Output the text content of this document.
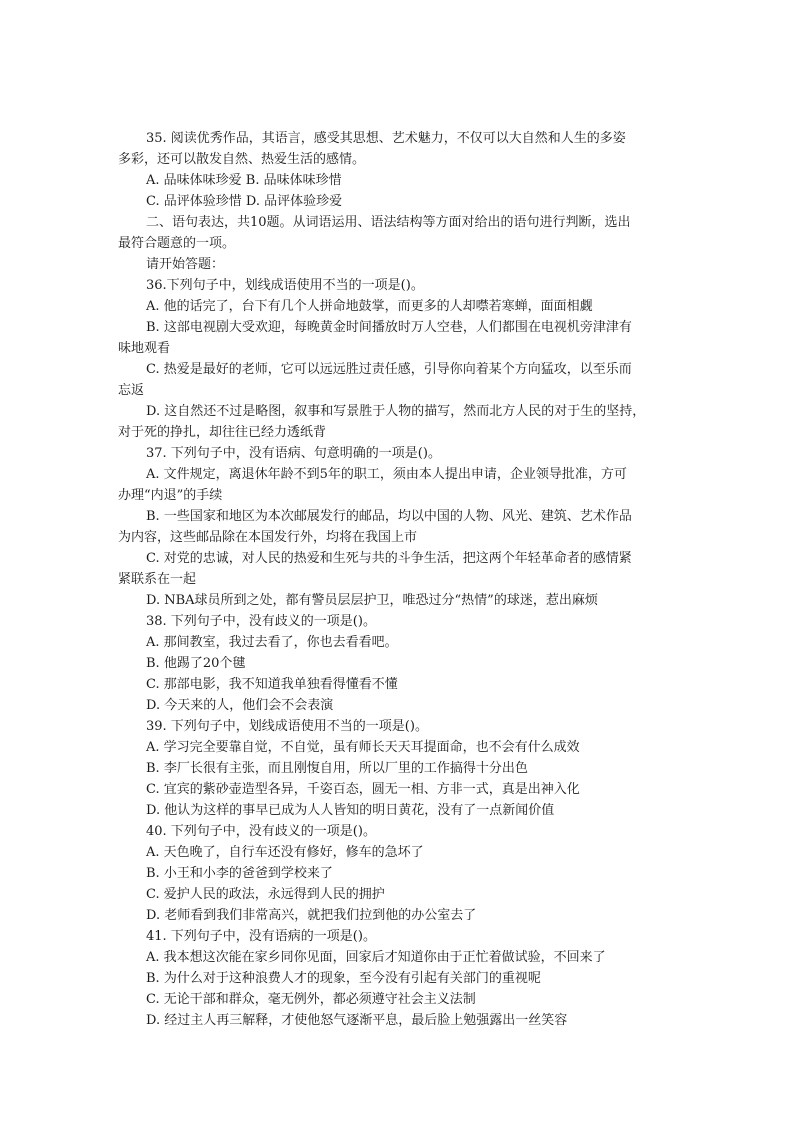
35. 阅读优秀作品，其语言，感受其思想、艺术魅力，不仅可以大自然和人生的多姿
多彩，还可以散发自然、热爱生活的感情。
A. 品味体味珍爱 B. 品味体味珍惜
C. 品评体验珍惜 D. 品评体验珍爱
二、语句表达，共10题。从词语运用、语法结构等方面对给出的语句进行判断，选出
最符合题意的一项。
请开始答题：
36.下列句子中，划线成语使用不当的一项是()。
A. 他的话完了，台下有几个人拼命地鼓掌，而更多的人却噤若寒蝉，面面相觑
B. 这部电视剧大受欢迎，每晚黄金时间播放时万人空巷，人们都围在电视机旁津津有
味地观看
C. 热爱是最好的老师，它可以远远胜过责任感，引导你向着某个方向猛攻，以至乐而
忘返
D. 这自然还不过是略图，叙事和写景胜于人物的描写，然而北方人民的对于生的坚持，
对于死的挣扎，却往往已经力透纸背
37. 下列句子中，没有语病、句意明确的一项是()。
A. 文件规定，离退休年龄不到5年的职工，须由本人提出申请，企业领导批准，方可
办理“内退”的手续
B. 一些国家和地区为本次邮展发行的邮品，均以中国的人物、风光、建筑、艺术作品
为内容，这些邮品除在本国发行外，均将在我国上市
C. 对党的忠诚，对人民的热爱和生死与共的斗争生活，把这两个年轻革命者的感情紧
紧联系在一起
D. NBA球员所到之处，都有警员层层护卫，唯恐过分“热情”的球迷，惹出麻烦
38. 下列句子中，没有歧义的一项是()。
A. 那间教室，我过去看了，你也去看看吧。
B. 他踢了20个毽
C. 那部电影，我不知道我单独看得懂看不懂
D. 今天来的人，他们会不会表演
39. 下列句子中，划线成语使用不当的一项是()。
A. 学习完全要靠自觉，不自觉，虽有师长天天耳提面命，也不会有什么成效
B. 李厂长很有主张，而且刚愎自用，所以厂里的工作搞得十分出色
C. 宜宾的紫砂壶造型各异，千姿百态，圆无一相、方非一式，真是出神入化
D. 他认为这样的事早已成为人人皆知的明日黄花，没有了一点新闻价值
40. 下列句子中，没有歧义的一项是()。
A. 天色晚了，自行车还没有修好，修车的急坏了
B. 小王和小李的爸爸到学校来了
C. 爱护人民的政法，永远得到人民的拥护
D. 老师看到我们非常高兴，就把我们拉到他的办公室去了
41. 下列句子中，没有语病的一项是()。
A. 我本想这次能在家乡同你见面，回家后才知道你由于正忙着做试验，不回来了
B. 为什么对于这种浪费人才的现象，至今没有引起有关部门的重视呢
C. 无论干部和群众，毫无例外，都必须遵守社会主义法制
D. 经过主人再三解释，才使他怒气逐渐平息，最后脸上勉强露出一丝笑容
